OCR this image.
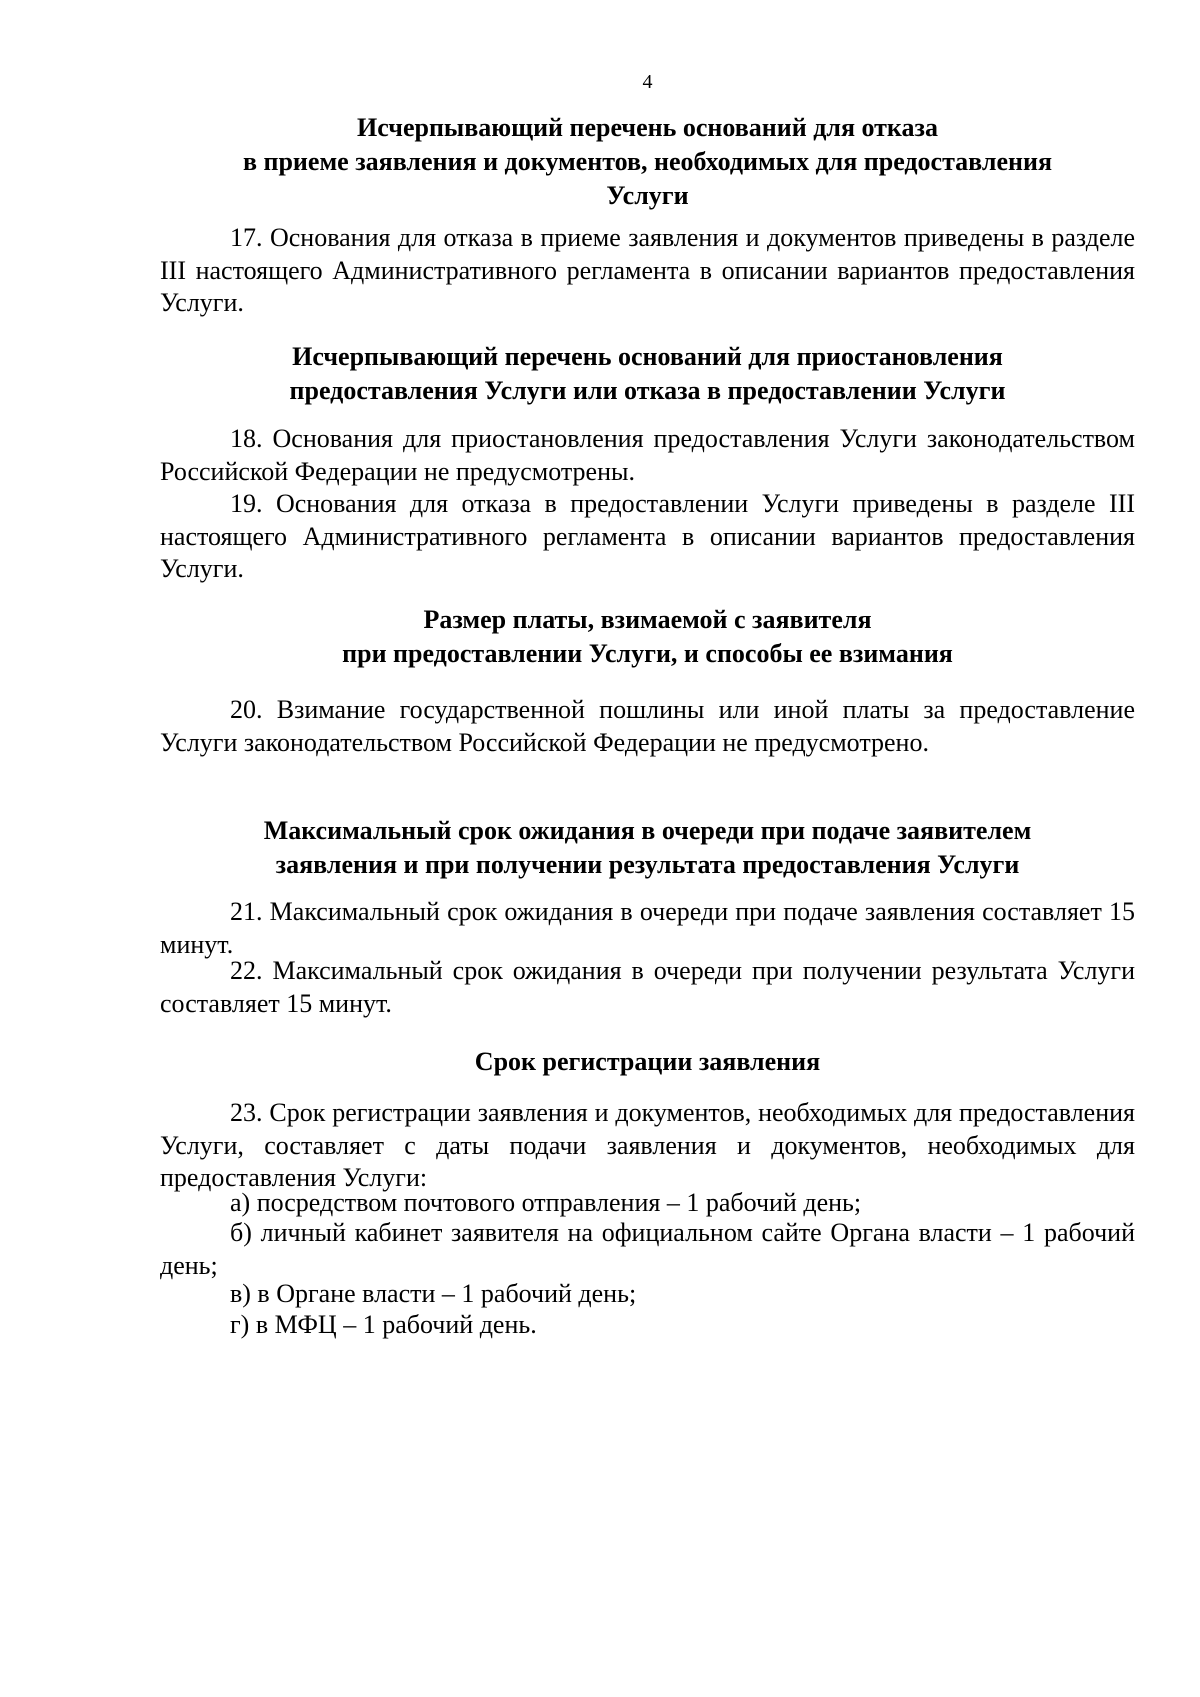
4
Исчерпывающий перечень оснований для отказа
в приеме заявления и документов, необходимых для предоставления
Услуги
17. Основания для отказа в приеме заявления и документов приведены в разделе III настоящего Административного регламента в описании вариантов предоставления Услуги.
Исчерпывающий перечень оснований для приостановления
предоставления Услуги или отказа в предоставлении Услуги
18. Основания для приостановления предоставления Услуги законодательством Российской Федерации не предусмотрены.
19. Основания для отказа в предоставлении Услуги приведены в разделе III настоящего Административного регламента в описании вариантов предоставления Услуги.
Размер платы, взимаемой с заявителя
при предоставлении Услуги, и способы ее взимания
20. Взимание государственной пошлины или иной платы за предоставление Услуги законодательством Российской Федерации не предусмотрено.
Максимальный срок ожидания в очереди при подаче заявителем
заявления и при получении результата предоставления Услуги
21. Максимальный срок ожидания в очереди при подаче заявления составляет 15 минут.
22. Максимальный срок ожидания в очереди при получении результата Услуги составляет 15 минут.
Срок регистрации заявления
23. Срок регистрации заявления и документов, необходимых для предоставления Услуги, составляет с даты подачи заявления и документов, необходимых для предоставления Услуги:
а) посредством почтового отправления – 1 рабочий день;
б) личный кабинет заявителя на официальном сайте Органа власти – 1 рабочий день;
в) в Органе власти – 1 рабочий день;
г) в МФЦ – 1 рабочий день.
